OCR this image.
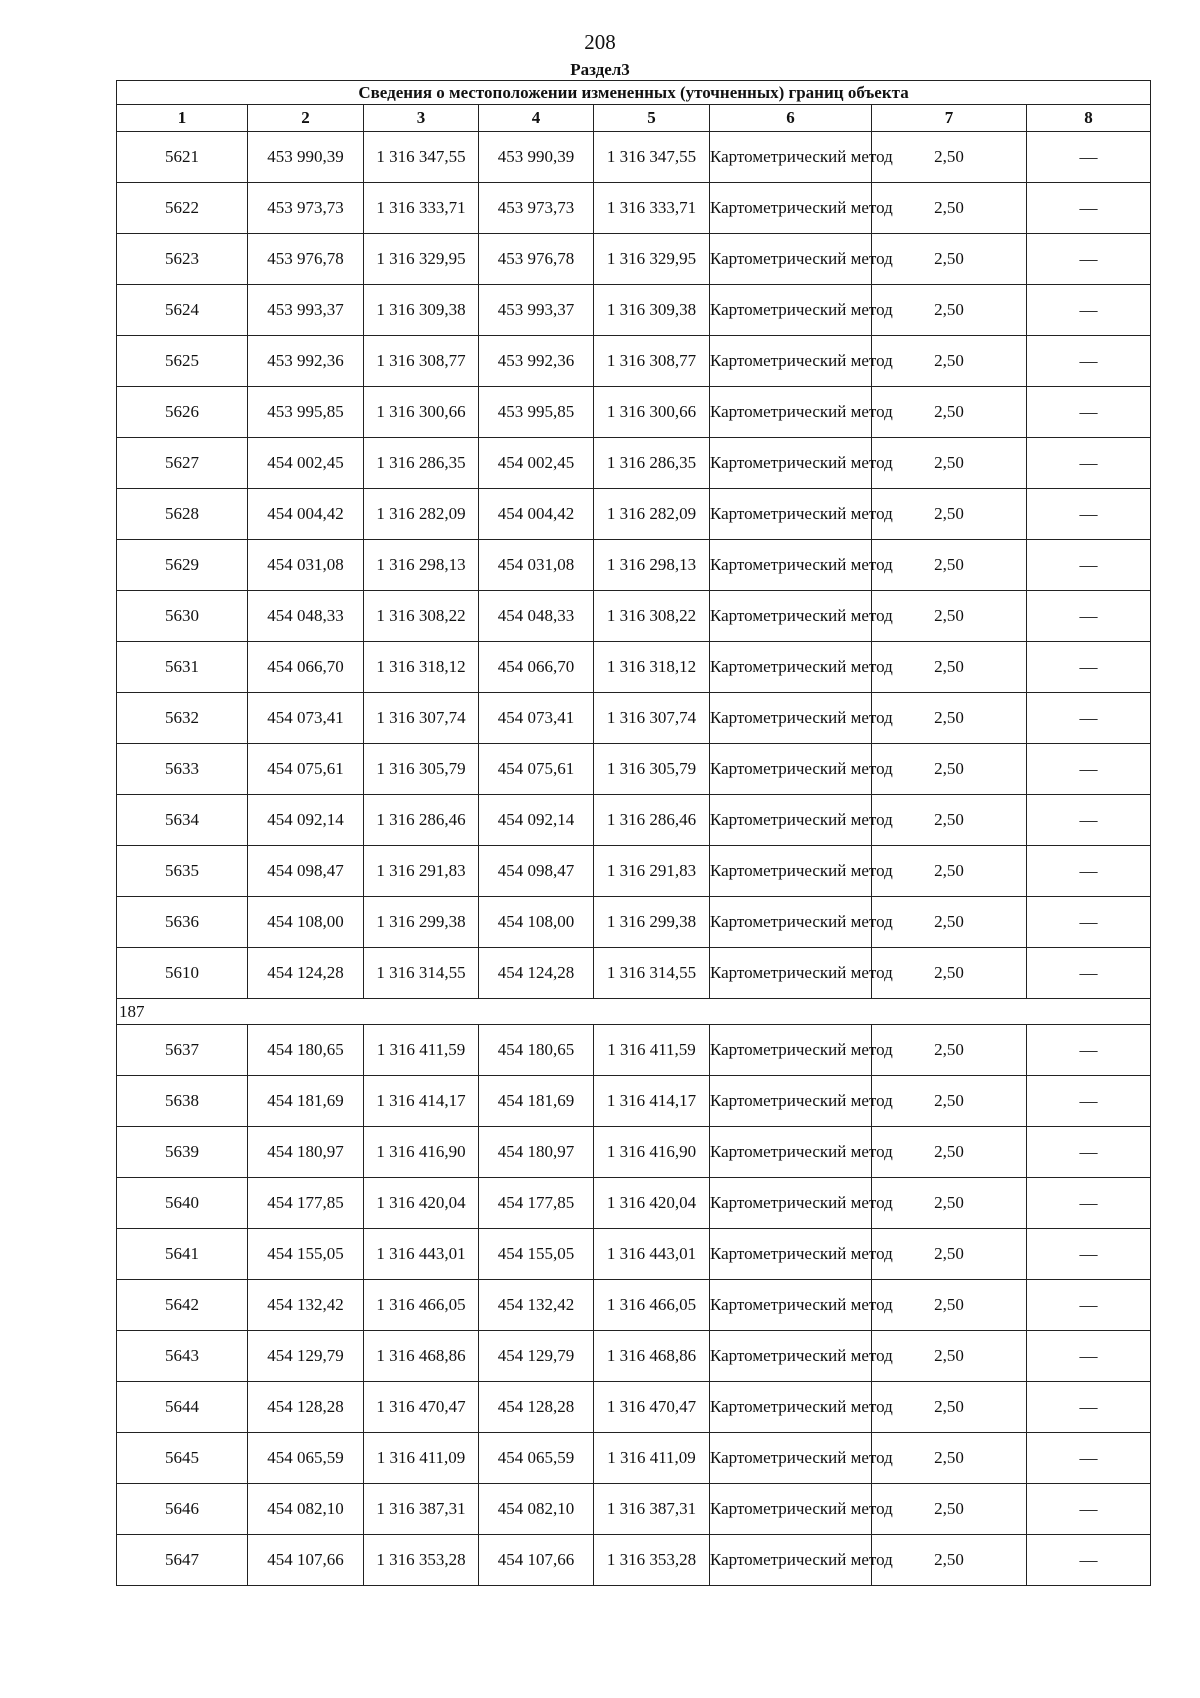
208
Раздел3
Сведения о местоположении измененных (уточненных) границ объекта							
1	2	3	4	5	6	7	8
5621	453 990,39	1 316 347,55	453 990,39	1 316 347,55	Картометрический метод	2,50	—
5622	453 973,73	1 316 333,71	453 973,73	1 316 333,71	Картометрический метод	2,50	—
5623	453 976,78	1 316 329,95	453 976,78	1 316 329,95	Картометрический метод	2,50	—
5624	453 993,37	1 316 309,38	453 993,37	1 316 309,38	Картометрический метод	2,50	—
5625	453 992,36	1 316 308,77	453 992,36	1 316 308,77	Картометрический метод	2,50	—
5626	453 995,85	1 316 300,66	453 995,85	1 316 300,66	Картометрический метод	2,50	—
5627	454 002,45	1 316 286,35	454 002,45	1 316 286,35	Картометрический метод	2,50	—
5628	454 004,42	1 316 282,09	454 004,42	1 316 282,09	Картометрический метод	2,50	—
5629	454 031,08	1 316 298,13	454 031,08	1 316 298,13	Картометрический метод	2,50	—
5630	454 048,33	1 316 308,22	454 048,33	1 316 308,22	Картометрический метод	2,50	—
5631	454 066,70	1 316 318,12	454 066,70	1 316 318,12	Картометрический метод	2,50	—
5632	454 073,41	1 316 307,74	454 073,41	1 316 307,74	Картометрический метод	2,50	—
5633	454 075,61	1 316 305,79	454 075,61	1 316 305,79	Картометрический метод	2,50	—
5634	454 092,14	1 316 286,46	454 092,14	1 316 286,46	Картометрический метод	2,50	—
5635	454 098,47	1 316 291,83	454 098,47	1 316 291,83	Картометрический метод	2,50	—
5636	454 108,00	1 316 299,38	454 108,00	1 316 299,38	Картометрический метод	2,50	—
5610	454 124,28	1 316 314,55	454 124,28	1 316 314,55	Картометрический метод	2,50	—
187							
5637	454 180,65	1 316 411,59	454 180,65	1 316 411,59	Картометрический метод	2,50	—
5638	454 181,69	1 316 414,17	454 181,69	1 316 414,17	Картометрический метод	2,50	—
5639	454 180,97	1 316 416,90	454 180,97	1 316 416,90	Картометрический метод	2,50	—
5640	454 177,85	1 316 420,04	454 177,85	1 316 420,04	Картометрический метод	2,50	—
5641	454 155,05	1 316 443,01	454 155,05	1 316 443,01	Картометрический метод	2,50	—
5642	454 132,42	1 316 466,05	454 132,42	1 316 466,05	Картометрический метод	2,50	—
5643	454 129,79	1 316 468,86	454 129,79	1 316 468,86	Картометрический метод	2,50	—
5644	454 128,28	1 316 470,47	454 128,28	1 316 470,47	Картометрический метод	2,50	—
5645	454 065,59	1 316 411,09	454 065,59	1 316 411,09	Картометрический метод	2,50	—
5646	454 082,10	1 316 387,31	454 082,10	1 316 387,31	Картометрический метод	2,50	—
5647	454 107,66	1 316 353,28	454 107,66	1 316 353,28	Картометрический метод	2,50	—
